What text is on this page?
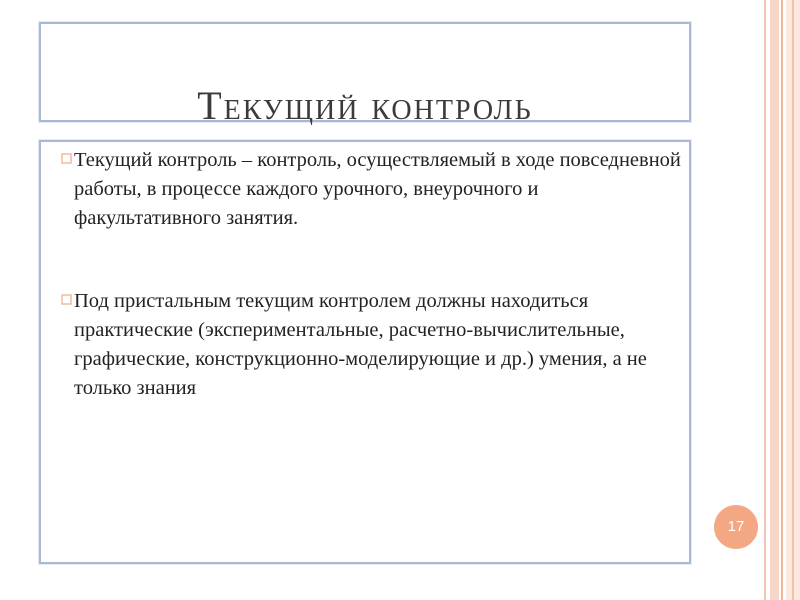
Текущий контроль
Текущий контроль – контроль, осуществляемый в ходе повседневной работы, в процессе каждого урочного, внеурочного и факультативного занятия.
Под пристальным текущим контролем должны находиться практические (экспериментальные, расчетно-вычислительные, графические, конструкционно-моделирующие и др.) умения, а не только знания
17
